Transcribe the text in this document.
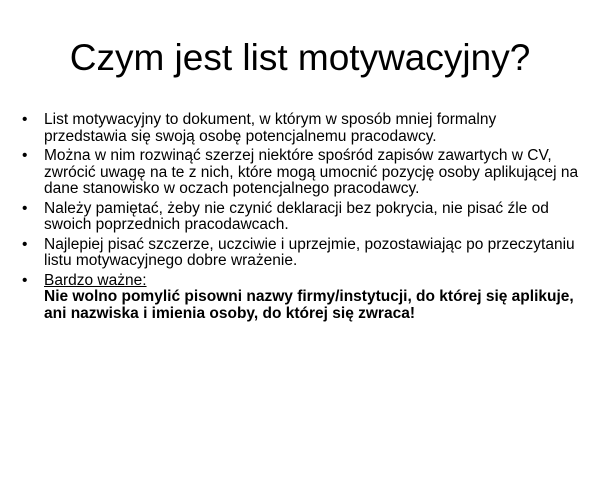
Czym jest list motywacyjny?
• List motywacyjny to dokument, w którym w sposób mniej formalny przedstawia się swoją osobę potencjalnemu pracodawcy.
• Można w nim rozwinąć szerzej niektóre spośród zapisów zawartych w CV, zwrócić uwagę na te z nich, które mogą umocnić pozycję osoby aplikującej na dane stanowisko w oczach potencjalnego pracodawcy.
• Należy pamiętać, żeby nie czynić deklaracji bez pokrycia, nie pisać źle od swoich poprzednich pracodawcach.
• Najlepiej pisać szczerze, uczciwie i uprzejmie, pozostawiając po przeczytaniu listu motywacyjnego dobre wrażenie.
• Bardzo ważne:
Nie wolno pomylić pisowni nazwy firmy/instytucji, do której się aplikuje, ani nazwiska i imienia osoby, do której się zwraca!
